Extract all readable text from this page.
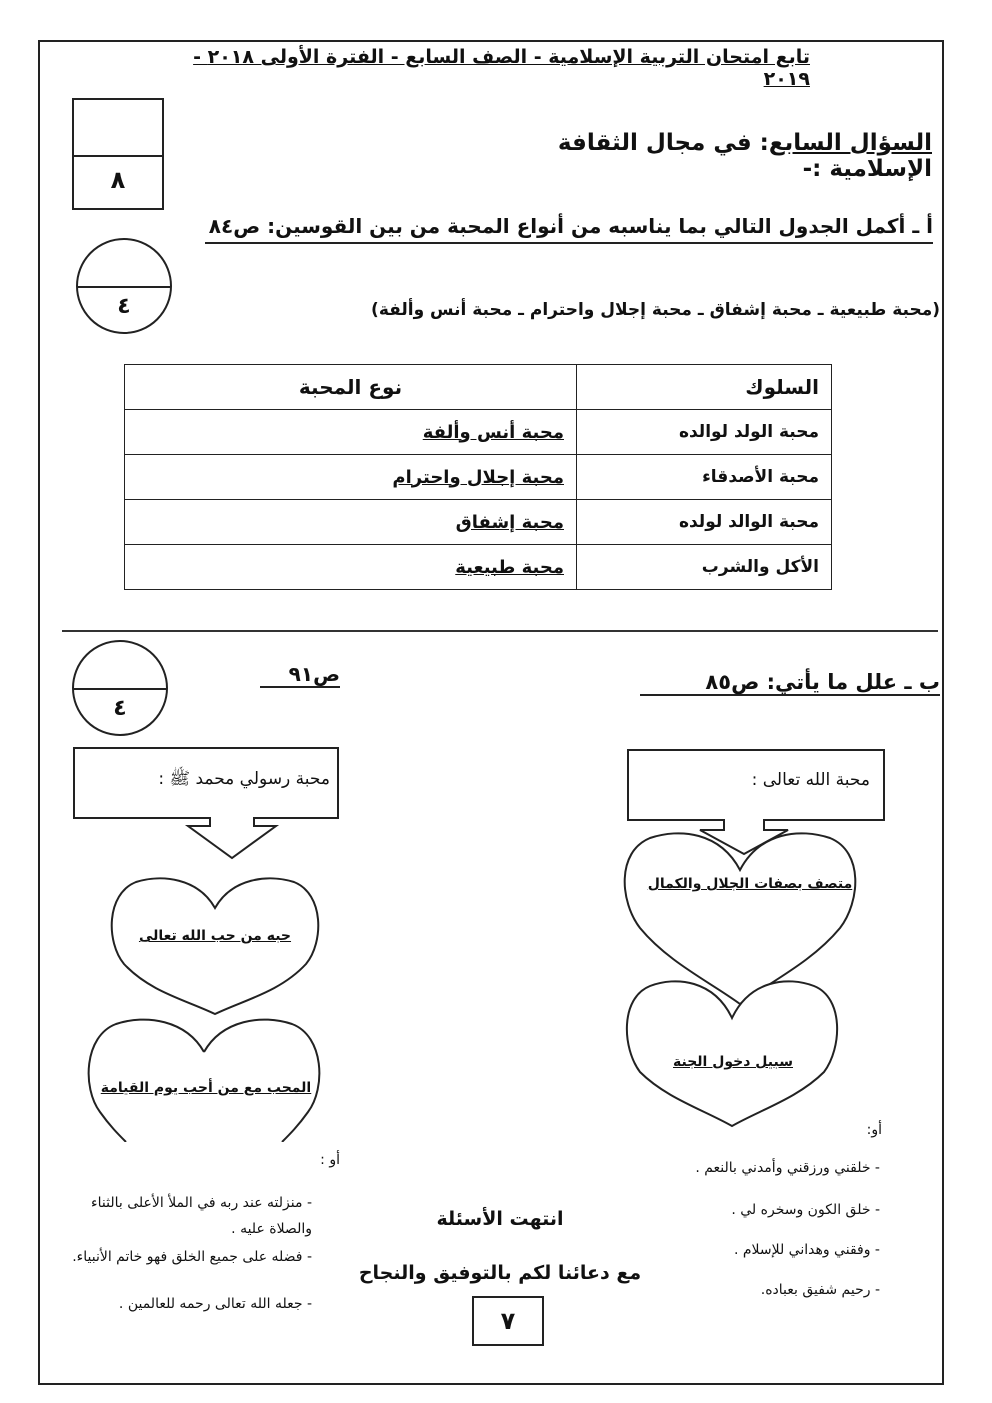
تابع امتحان التربية الإسلامية - الصف السابع - الفترة الأولى ٢٠١٨ - ٢٠١٩
٨
السؤال السابع: في مجال الثقافة الإسلامية :-
أ ـ أكمل الجدول التالي بما يناسبه من أنواع المحبة من بين القوسين: ص٨٤
٤	(محبة طبيعية ـ محبة إشفاق ـ محبة إجلال واحترام ـ محبة أنس وألفة)
السلوك	نوع المحبة
محبة الولد لوالده	محبة أنس وألفة
محبة الأصدقاء	محبة إجلال واحترام
محبة الوالد لولده	محبة إشفاق
الأكل والشرب	محبة طبيعية
٤
ص٩١	ب ـ علل ما يأتي: ص٨٥
محبة الله تعالى :
متصف بصفات الجلال والكمال
سبيل دخول الجنة
محبة رسولي محمد ﷺ :
حبه من حب الله تعالى
المحب مع من أحب يوم القيامة
أو:
- خلقني ورزقني وأمدني بالنعم .
- خلق الكون وسخره لي .
- وفقني وهداني للإسلام .
- رحيم شفيق بعباده.
أو :
- منزلته عند ربه في الملأ الأعلى بالثناء والصلاة عليه .
- فضله على جميع الخلق فهو خاتم الأنبياء.
- جعله الله تعالى رحمه للعالمين .
انتهت الأسئلة
مع دعائنا لكم بالتوفيق والنجاح
٧
